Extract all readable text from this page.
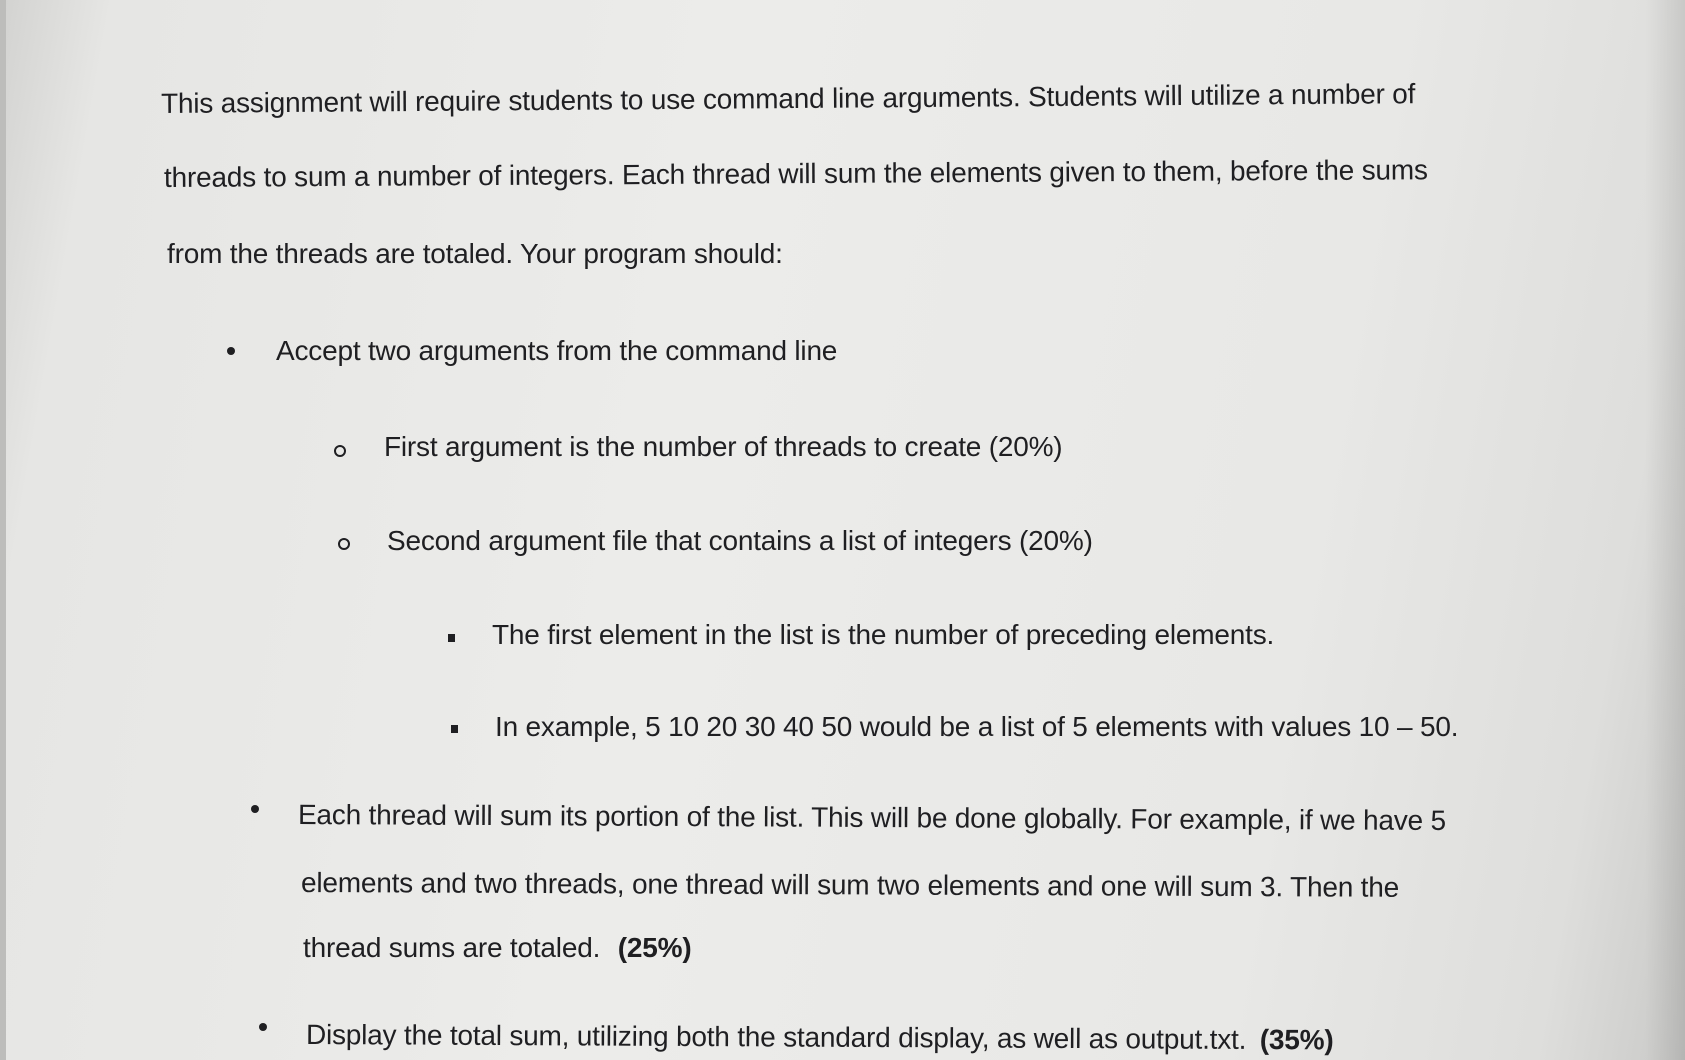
This assignment will require students to use command line arguments. Students will utilize a number of
threads to sum a number of integers. Each thread will sum the elements given to them, before the sums
from the threads are totaled. Your program should:
Accept two arguments from the command line
First argument is the number of threads to create (20%)
Second argument file that contains a list of integers (20%)
The first element in the list is the number of preceding elements.
In example, 5 10 20 30 40 50 would be a list of 5 elements with values 10 – 50.
Each thread will sum its portion of the list. This will be done globally. For example, if we have 5
elements and two threads, one thread will sum two elements and one will sum 3. Then the
thread sums are totaled. (25%)
Display the total sum, utilizing both the standard display, as well as output.txt. (35%)
